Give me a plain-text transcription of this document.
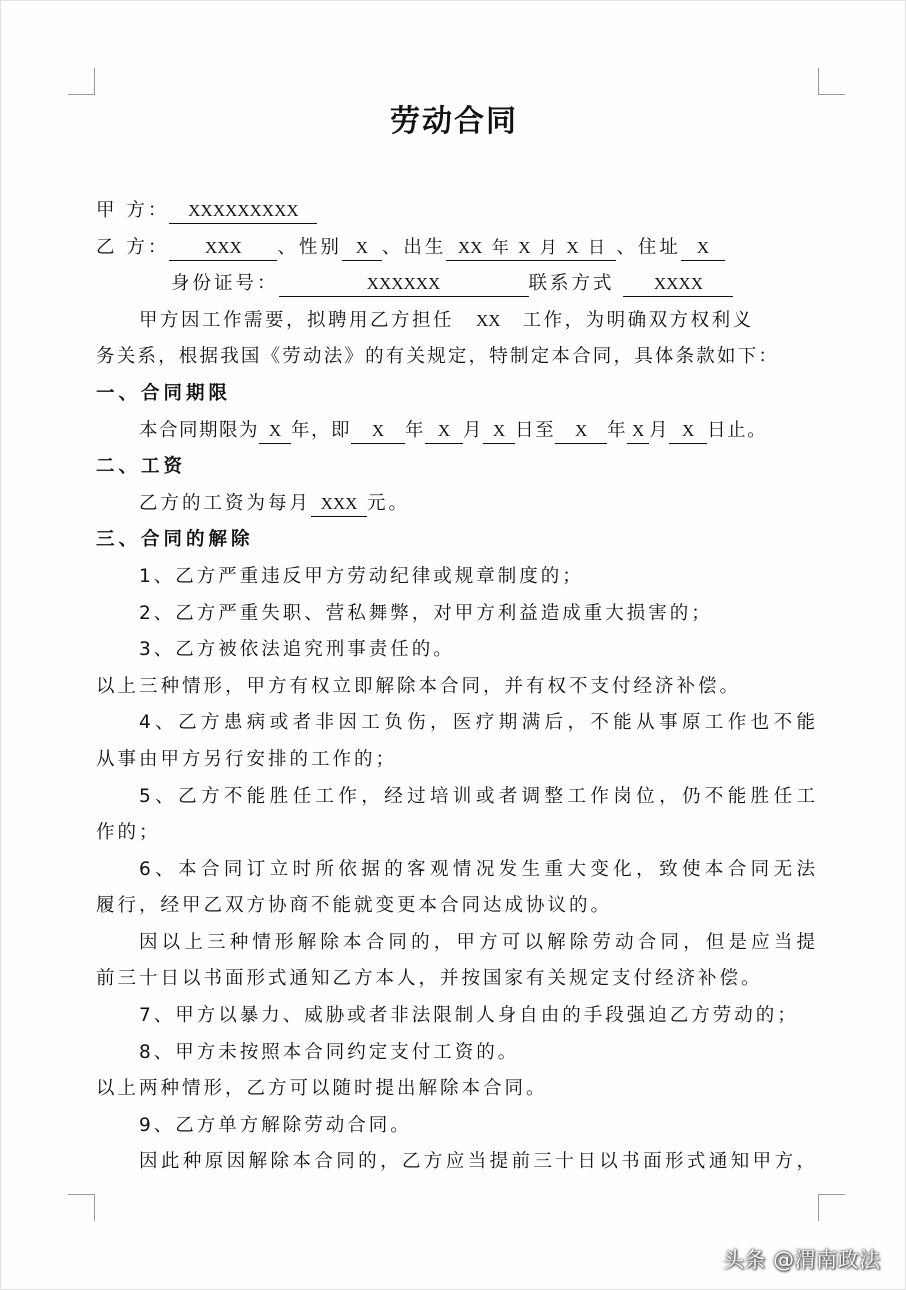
劳动合同
甲 方： XXXXXXXXX
乙 方： XXX 、性别 X 、出生 XX 年 X 月 X 日 、住址 X
身份证号：	XXXXXX	联系方式 XXXX
甲方因工作需要，拟聘用乙方担任 XX 工作，为明确双方权利义
务关系，根据我国《劳动法》的有关规定，特制定本合同，具体条款如下：
一、合同期限
本合同期限为 X 年，即 X 年 X 月 X 日至 X 年 X 月 X 日止。
二、工资
乙方的工资为每月 XXX 元。
三、合同的解除
1、乙方严重违反甲方劳动纪律或规章制度的；
2、乙方严重失职、营私舞弊，对甲方利益造成重大损害的；
3、乙方被依法追究刑事责任的。
以上三种情形，甲方有权立即解除本合同，并有权不支付经济补偿。
4、乙方患病或者非因工负伤，医疗期满后，不能从事原工作也不能
从事由甲方另行安排的工作的；
5、乙方不能胜任工作，经过培训或者调整工作岗位，仍不能胜任工
作的；
6、本合同订立时所依据的客观情况发生重大变化，致使本合同无法
履行，经甲乙双方协商不能就变更本合同达成协议的。
因以上三种情形解除本合同的，甲方可以解除劳动合同，但是应当提
前三十日以书面形式通知乙方本人，并按国家有关规定支付经济补偿。
7、甲方以暴力、威胁或者非法限制人身自由的手段强迫乙方劳动的；
8、甲方未按照本合同约定支付工资的。
以上两种情形，乙方可以随时提出解除本合同。
9、乙方单方解除劳动合同。
因此种原因解除本合同的，乙方应当提前三十日以书面形式通知甲方，
头条 @渭南政法
